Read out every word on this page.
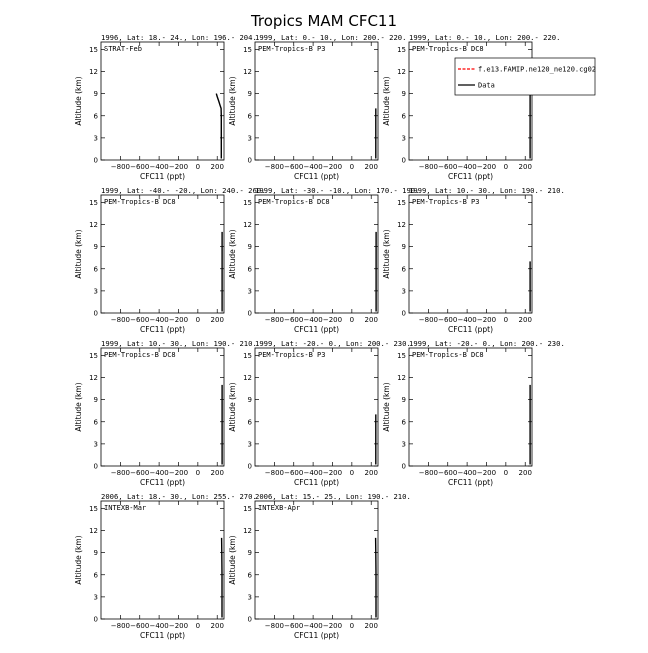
Tropics MAM CFC11
1996, Lat: 18.- 24., Lon: 196.- 204.
STRAT-Feb
−800 −600 −400 −200 0 200
0
3
6
9
12
15
CFC11 (ppt)
Altitude (km)
1999, Lat: 0.- 10., Lon: 200.- 220.
PEM-Tropics-B P3
−800 −600 −400 −200 0 200
0
3
6
9
12
15
CFC11 (ppt)
Altitude (km)
1999, Lat: 0.- 10., Lon: 200.- 220.
PEM-Tropics-B DC8
−800 −600 −400 −200 0 200
0
3
6
9
12
15
CFC11 (ppt)
Altitude (km)
1999, Lat: -40.- -20., Lon: 240.- 260.
PEM-Tropics-B DC8
−800 −600 −400 −200 0 200
0
3
6
9
12
15
CFC11 (ppt)
Altitude (km)
1999, Lat: -30.- -10., Lon: 170.- 190.
PEM-Tropics-B DC8
−800 −600 −400 −200 0 200
0
3
6
9
12
15
CFC11 (ppt)
Altitude (km)
1999, Lat: 10.- 30., Lon: 190.- 210.
PEM-Tropics-B P3
−800 −600 −400 −200 0 200
0
3
6
9
12
15
CFC11 (ppt)
Altitude (km)
1999, Lat: 10.- 30., Lon: 190.- 210.
PEM-Tropics-B DC8
−800 −600 −400 −200 0 200
0
3
6
9
12
15
CFC11 (ppt)
Altitude (km)
1999, Lat: -20.- 0., Lon: 200.- 230.
PEM-Tropics-B P3
−800 −600 −400 −200 0 200
0
3
6
9
12
15
CFC11 (ppt)
Altitude (km)
1999, Lat: -20.- 0., Lon: 200.- 230.
PEM-Tropics-B DC8
−800 −600 −400 −200 0 200
0
3
6
9
12
15
CFC11 (ppt)
Altitude (km)
2006, Lat: 18.- 30., Lon: 255.- 270.
INTEXB-Mar
−800 −600 −400 −200 0 200
0
3
6
9
12
15
CFC11 (ppt)
Altitude (km)
2006, Lat: 15.- 25., Lon: 190.- 210.
INTEXB-Apr
−800 −600 −400 −200 0 200
0
3
6
9
12
15
CFC11 (ppt)
Altitude (km)
f.e13.FAMIP.ne120_ne120.cg02
Data
